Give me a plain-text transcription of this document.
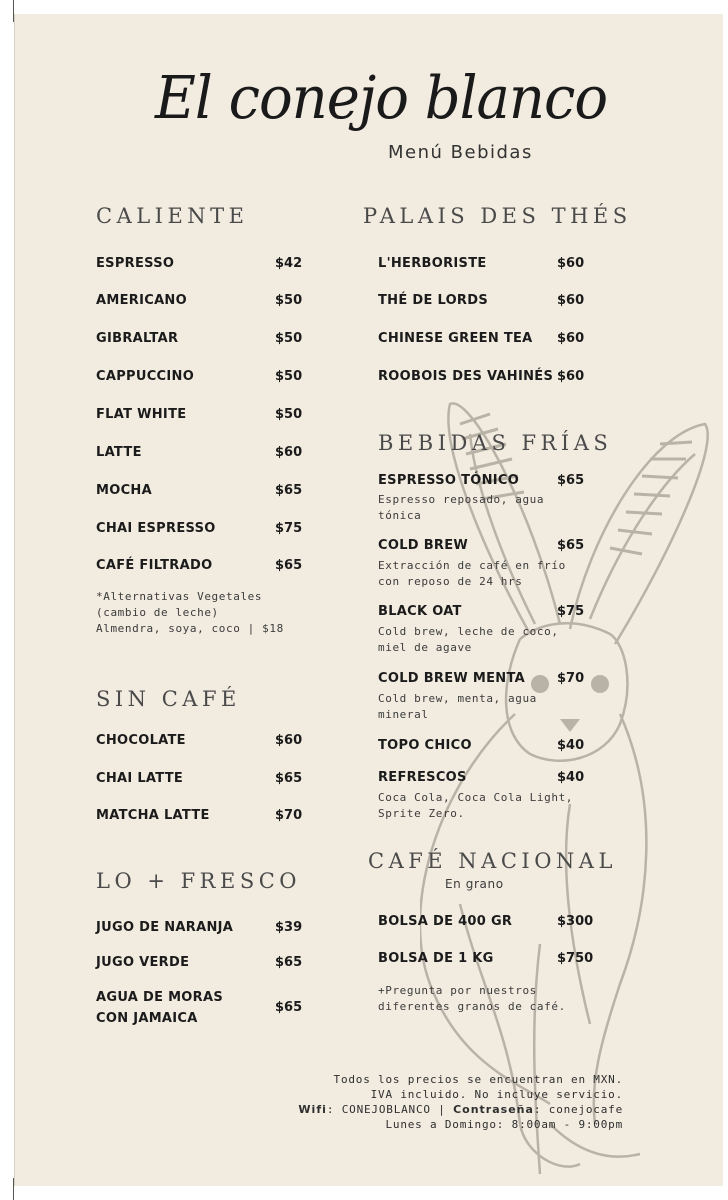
El conejo blanco
Menú Bebidas
CALIENTE
ESPRESSO	$42
AMERICANO	$50
GIBRALTAR	$50
CAPPUCCINO	$50
FLAT WHITE	$50
LATTE	$60
MOCHA	$65
CHAI ESPRESSO	$75
CAFÉ FILTRADO	$65
*Alternativas Vegetales
(cambio de leche)
Almendra, soya, coco | $18
SIN CAFÉ
CHOCOLATE	$60
CHAI LATTE	$65
MATCHA LATTE	$70
LO + FRESCO
JUGO DE NARANJA	$39
JUGO VERDE	$65
AGUA DE MORAS
CON JAMAICA
$65
PALAIS DES THÉS
L'HERBORISTE	$60
THÉ DE LORDS	$60
CHINESE GREEN TEA $60
ROOBOIS DES VAHINÉS $60
BEBIDAS FRÍAS
ESPRESSO TÓNICO	$65
Espresso reposado, agua
tónica
COLD BREW	$65
Extracción de café en frío
con reposo de 24 hrs
BLACK OAT	$75
Cold brew, leche de coco,
miel de agave
COLD BREW MENTA $70
Cold brew, menta, agua
mineral
TOPO CHICO	$40
REFRESCOS	$40
Coca Cola, Coca Cola Light,
Sprite Zero.
CAFÉ NACIONAL
En grano
BOLSA DE 400 GR	$300
BOLSA DE 1 KG	$750
+Pregunta por nuestros
diferentes granos de café.
Todos los precios se encuentran en MXN.
IVA incluido. No incluye servicio.
Wifi: CONEJOBLANCO | Contraseña: conejocafe
Lunes a Domingo: 8:00am - 9:00pm
